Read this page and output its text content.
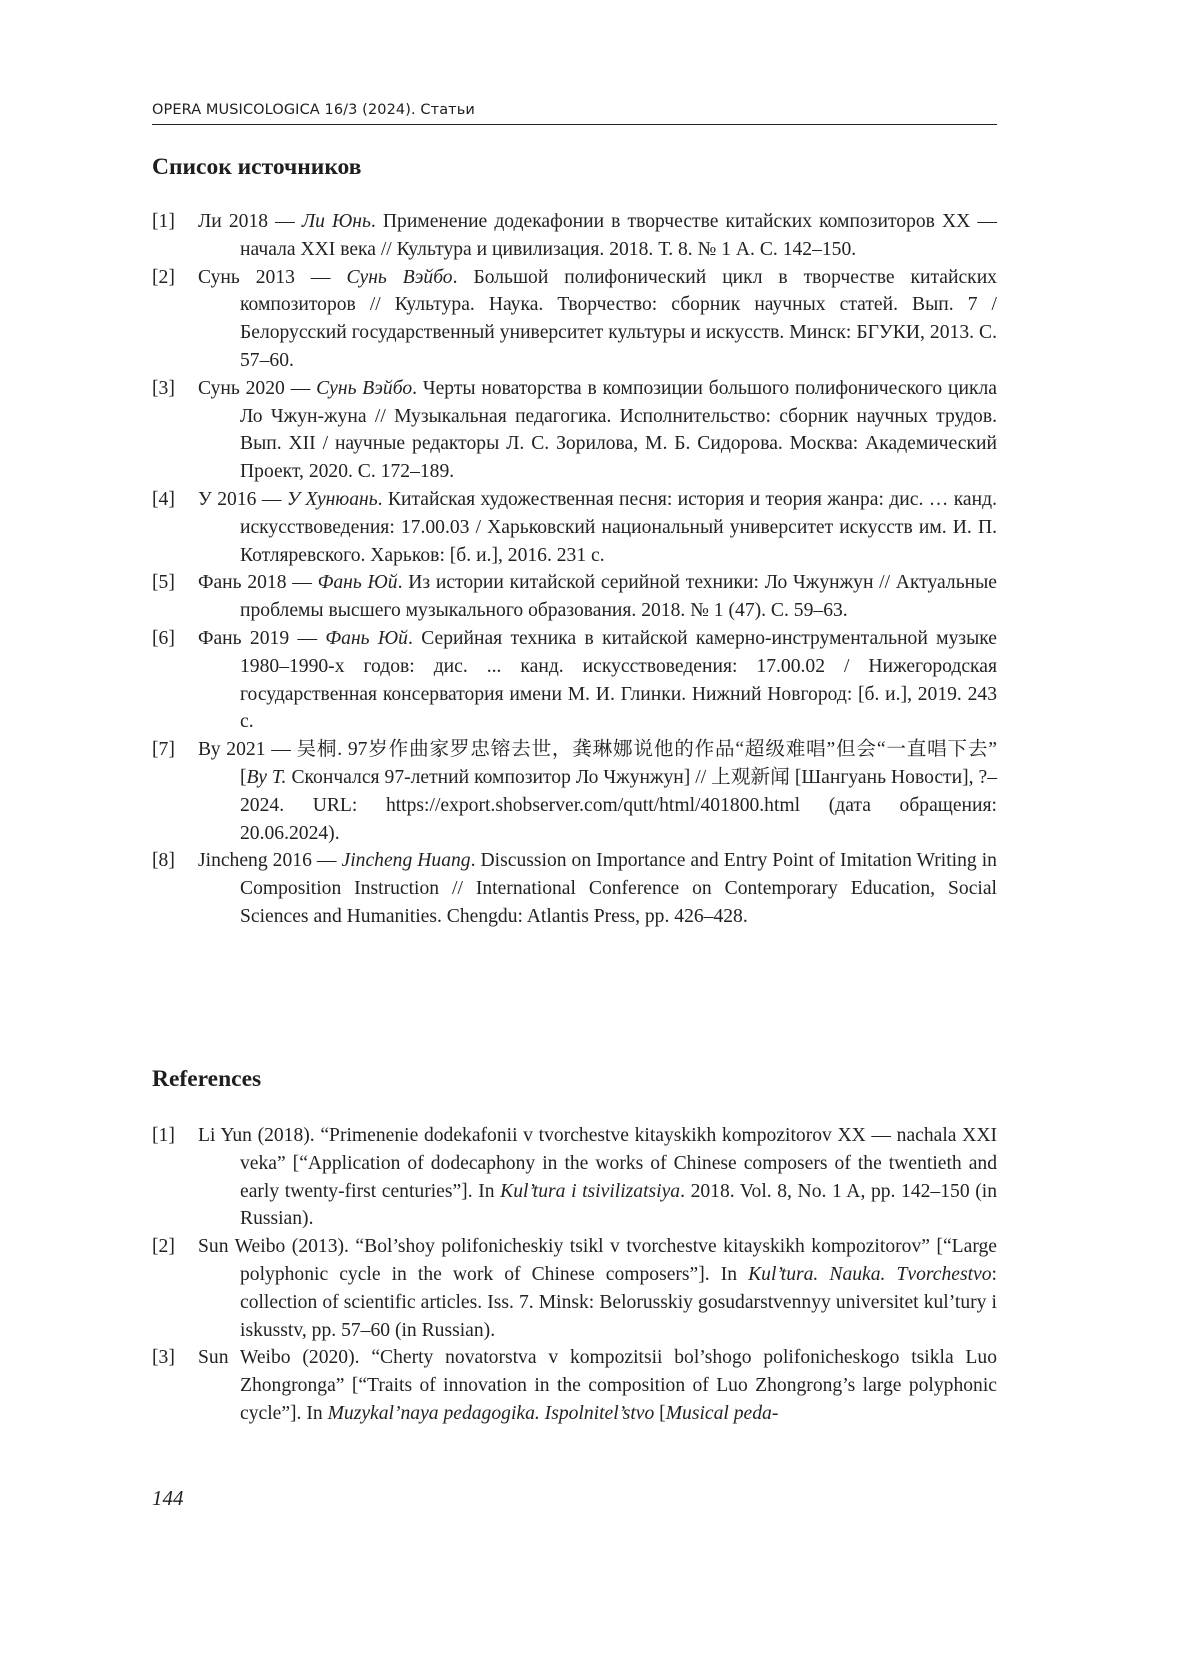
OPERA MUSICOLOGICA 16/3 (2024). Статьи
Список источников
[ 1 ]	Ли 2018 — Ли Юнь. Применение додекафонии в творчестве китайских композиторов XX — начала XXI века // Культура и цивилизация. 2018. Т. 8. № 1 А. С. 142–150.
[ 2 ]	Сунь 2013 — Сунь Вэйбо. Большой полифонический цикл в творчестве китайских композиторов // Культура. Наука. Творчество: сборник научных статей. Вып. 7 / Белорусский государственный университет культуры и искусств. Минск: БГУКИ, 2013. С. 57–60.
[ 3 ]	Сунь 2020 — Сунь Вэйбо. Черты новаторства в композиции большого полифонического цикла Ло Чжун-жуна // Музыкальная педагогика. Исполнительство: сборник научных трудов. Вып. XII / научные редакторы Л. С. Зорилова, М. Б. Сидорова. Москва: Академический Проект, 2020. С. 172–189.
[ 4 ]	У 2016 — У Хунюань. Китайская художественная песня: история и теория жанра: дис. … канд. искусствоведения: 17.00.03 / Харьковский национальный университет искусств им. И. П. Котляревского. Харьков: [б. и.], 2016. 231 с.
[ 5 ]	Фань 2018 — Фань Юй. Из истории китайской серийной техники: Ло Чжунжун // Актуальные проблемы высшего музыкального образования. 2018. № 1 (47). С. 59–63.
[ 6 ]	Фань 2019 — Фань Юй. Серийная техника в китайской камерно-инструментальной музыке 1980–1990-х годов: дис. ... канд. искусствоведения: 17.00.02 / Нижегородская государственная консерватория имени М. И. Глинки. Нижний Новгород: [б. и.], 2019. 243 с.
[ 7 ]	Ву 2021 — 吴桐. 97岁作曲家罗忠镕去世，龚琳娜说他的作品“超级难唱”但会“一直唱下去” [Ву Т. Скончался 97-летний композитор Ло Чжунжун] // 上观新闻 [Шангуань Новости], ?–2024. URL: https://export.shobserver.com/qutt/html/401800.html (дата обращения: 20.06.2024).
[ 8 ]	Jincheng 2016 — Jincheng Huang. Discussion on Importance and Entry Point of Imitation Writing in Composition Instruction // International Conference on Contemporary Education, Social Sciences and Humanities. Chengdu: Atlantis Press, pp. 426–428.
References
[ 1 ]	Li Yun (2018). “Primenenie dodekafonii v tvorchestve kitayskikh kompozitorov XX — nachala XXI veka” [“Application of dodecaphony in the works of Chinese composers of the twentieth and early twenty-first centuries”]. In Kul’tura i tsivilizatsiya. 2018. Vol. 8, No. 1 A, pp. 142–150 (in Russian).
[ 2 ]	Sun Weibo (2013). “Bol’shoy polifonicheskiy tsikl v tvorchestve kitayskikh kompozitorov” [“Large polyphonic cycle in the work of Chinese composers”]. In Kul’tura. Nauka. Tvorchestvo: collection of scientific articles. Iss. 7. Minsk: Belorusskiy gosudarstvennyy universitet kul’tury i iskusstv, pp. 57–60 (in Russian).
[ 3 ]	Sun Weibo (2020). “Cherty novatorstva v kompozitsii bol’shogo polifonicheskogo tsikla Luo Zhongronga” [“Traits of innovation in the composition of Luo Zhongrong’s large polyphonic cycle”]. In Muzykal’naya pedagogika. Ispolnitel’stvo [Musical peda-
144
